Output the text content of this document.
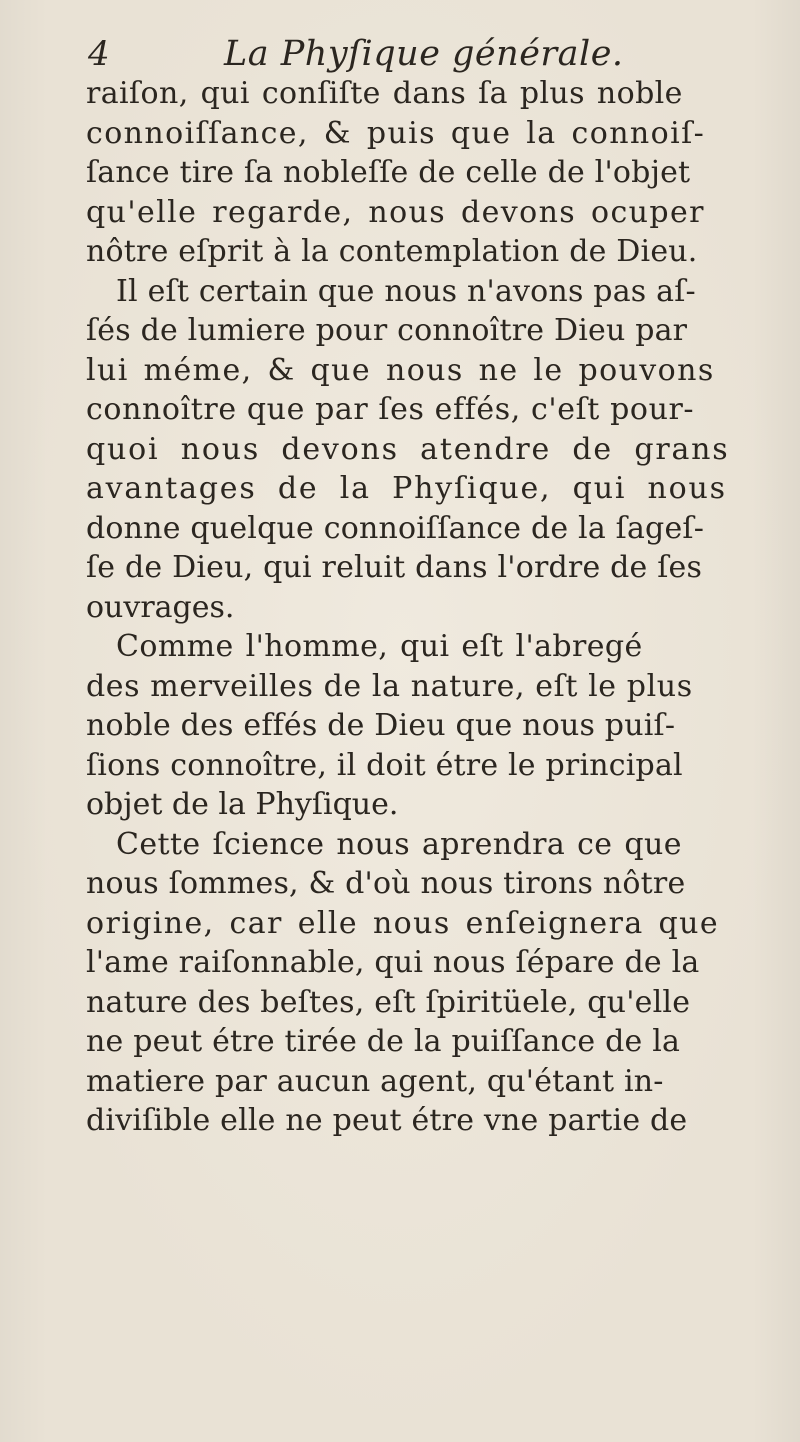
4	La Phyſique générale.
raiſon, qui conſiſte dans ſa plus noble
connoiſſance, & puis que la connoiſ-
ſance tire ſa nobleſſe de celle de l'objet
qu'elle regarde, nous devons ocuper
nôtre eſprit à la contemplation de Dieu.
Il eſt certain que nous n'avons pas aſ-
ſés de lumiere pour connoître Dieu par
lui méme, & que nous ne le pouvons
connoître que par ſes effés, c'eſt pour-
quoi nous devons atendre de grans
avantages de la Phyſique, qui nous
donne quelque connoiſſance de la ſageſ-
ſe de Dieu, qui reluit dans l'ordre de ſes
ouvrages.
Comme l'homme, qui eſt l'abregé
des merveilles de la nature, eſt le plus
noble des effés de Dieu que nous puiſ-
ſions connoître, il doit étre le principal
objet de la Phyſique.
Cette ſcience nous aprendra ce que
nous ſommes, & d'où nous tirons nôtre
origine, car elle nous enſeignera que
l'ame raiſonnable, qui nous ſépare de la
nature des beſtes, eſt ſpiritüele, qu'elle
ne peut étre tirée de la puiſſance de la
matiere par aucun agent, qu'étant in-
diviſible elle ne peut étre vne partie de
